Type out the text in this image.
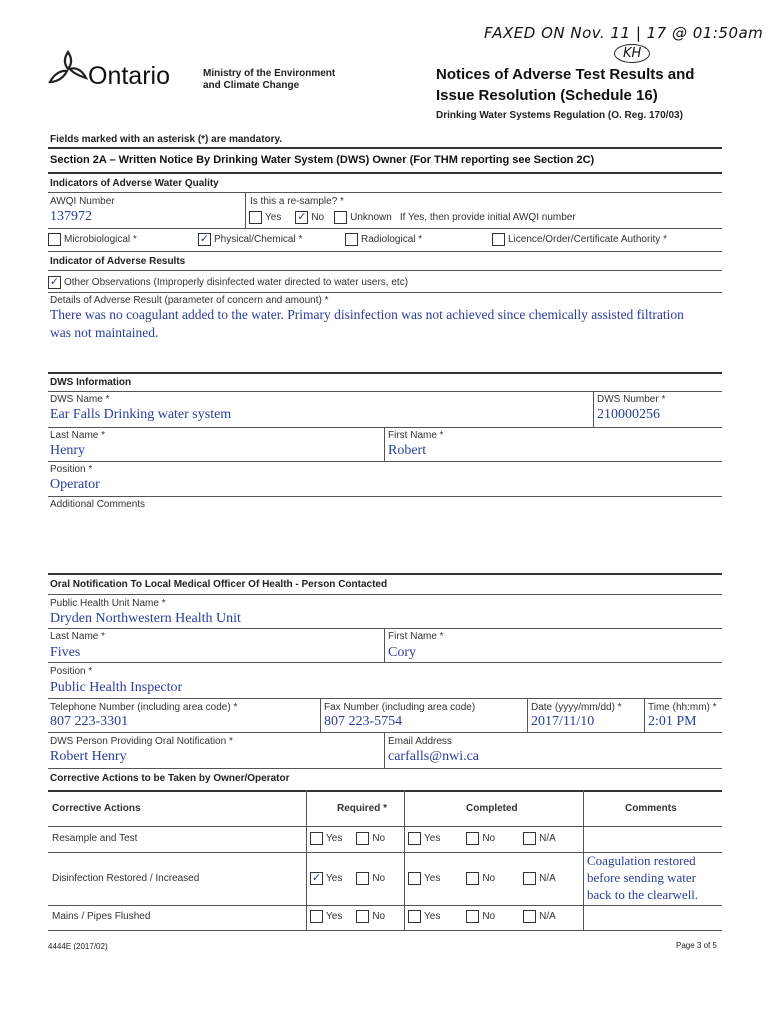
FAXED ON Nov. 11 | 17 @ 01:50am
KH
Ontario	Ministry of the Environment
and Climate Change
Notices of Adverse Test Results and
Issue Resolution (Schedule 16)
Drinking Water Systems Regulation (O. Reg. 170/03)
Fields marked with an asterisk (*) are mandatory.
Section 2A – Written Notice By Drinking Water System (DWS) Owner (For THM reporting see Section 2C)
Indicators of Adverse Water Quality
AWQI Number
137972
Is this a re-sample? *
Yes ✓ No	Unknown If Yes, then provide initial AWQI number
Microbiological *	✓ Physical/Chemical *	Radiological *	Licence/Order/Certificate Authority *
Indicator of Adverse Results
✓ Other Observations (Improperly disinfected water directed to water users, etc)
Details of Adverse Result (parameter of concern and amount) *
There was no coagulant added to the water. Primary disinfection was not achieved since chemically assisted filtration
was not maintained.
DWS Information
DWS Name *
Ear Falls Drinking water system
DWS Number *
210000256
Last Name *
Henry
First Name *
Robert
Position *
Operator
Additional Comments
Oral Notification To Local Medical Officer Of Health - Person Contacted
Public Health Unit Name *
Dryden Northwestern Health Unit
Last Name *
Fives
First Name *
Cory
Position *
Public Health Inspector
Telephone Number (including area code) *
807 223-3301
Fax Number (including area code)
807 223-5754
Date (yyyy/mm/dd) *
2017/11/10
Time (hh:mm) *
2:01 PM
DWS Person Providing Oral Notification *
Robert Henry
Email Address
carfalls@nwi.ca
Corrective Actions to be Taken by Owner/Operator
Corrective Actions	Required *	Completed	Comments
Resample and Test	Yes	No	Yes	No	N/A
Disinfection Restored / Increased	✓ Yes	No	Yes	No	N/A
Coagulation restored
before sending water
back to the clearwell.
Mains / Pipes Flushed	Yes	No	Yes	No	N/A
4444E (2017/02)	Page 3 of 5
